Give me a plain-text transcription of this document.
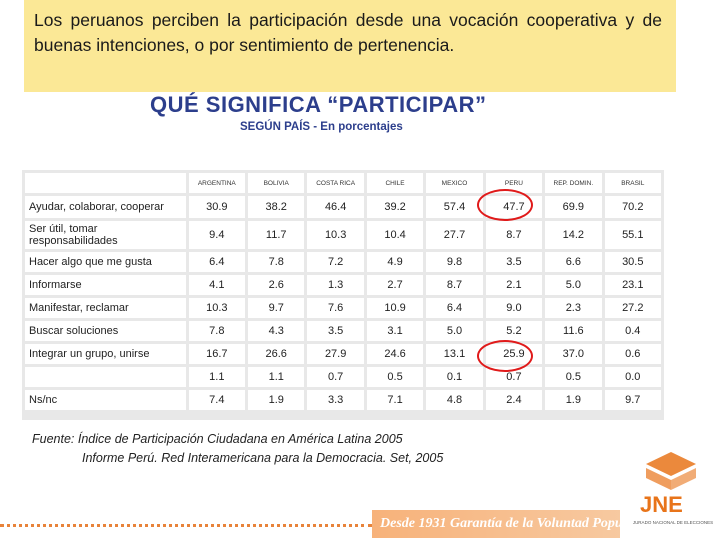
Los peruanos perciben la participación desde una vocación cooperativa y de buenas intenciones, o por sentimiento de pertenencia.

QUÉ SIGNIFICA “PARTICIPAR”
SEGÚN PAÍS - En porcentajes
	ARGENTINA	BOLIVIA	COSTA RICA	CHILE	MEXICO	PERU	REP. DOMIN.	BRASIL
Ayudar, colaborar, cooperar	30.9	38.2	46.4	39.2	57.4	47.7	69.9	70.2
Ser útil, tomar responsabilidades	9.4	11.7	10.3	10.4	27.7	8.7	14.2	55.1
Hacer algo que me gusta	6.4	7.8	7.2	4.9	9.8	3.5	6.6	30.5
Informarse	4.1	2.6	1.3	2.7	8.7	2.1	5.0	23.1
Manifestar, reclamar	10.3	9.7	7.6	10.9	6.4	9.0	2.3	27.2
Buscar soluciones	7.8	4.3	3.5	3.1	5.0	5.2	11.6	0.4
Integrar un grupo, unirse	16.7	26.6	27.9	24.6	13.1	25.9	37.0	0.6
	1.1	1.1	0.7	0.5	0.1	0.7	0.5	0.0
Ns/nc	7.4	1.9	3.3	7.1	4.8	2.4	1.9	9.7
Fuente: Índice de Participación Ciudadana en América Latina 2005
Informe Perú. Red Interamericana para la Democracia. Set, 2005
Desde 1931 Garantía de la Voluntad Popular
JNE
JURADO NACIONAL DE ELECCIONES
